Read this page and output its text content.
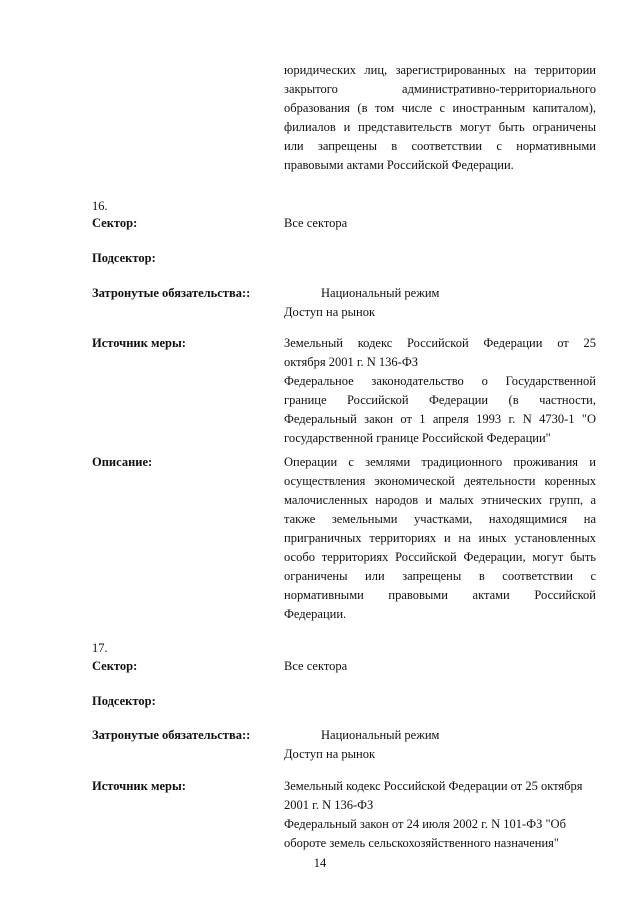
юридических лиц, зарегистрированных на территории
закрытого административно-территориального
образования (в том числе с иностранным капиталом),
филиалов и представительств могут быть ограничены
или запрещены в соответствии с нормативными
правовыми актами Российской Федерации.
16.
Сектор:	Все сектора
Подсектор:
Затронутые обязательства::	Национальный режим
Доступ на рынок
Источник меры:	Земельный кодекс Российской Федерации от 25
октября 2001 г. N 136-ФЗ
Федеральное законодательство о Государственной
границе Российской Федерации (в частности,
Федеральный закон от 1 апреля 1993 г. N 4730-1 "О
государственной границе Российской Федерации"
Описание:	Операции с землями традиционного проживания и
осуществления экономической деятельности коренных
малочисленных народов и малых этнических групп, а
также земельными участками, находящимися на
приграничных территориях и на иных установленных
особо территориях Российской Федерации, могут быть
ограничены или запрещены в соответствии с
нормативными правовыми актами Российской
Федерации.
17.
Сектор:	Все сектора
Подсектор:
Затронутые обязательства::	Национальный режим
Доступ на рынок
Источник меры:	Земельный кодекс Российской Федерации от 25 октября
2001 г. N 136-ФЗ
Федеральный закон от 24 июля 2002 г. N 101-ФЗ "Об
обороте земель сельскохозяйственного назначения"
14
